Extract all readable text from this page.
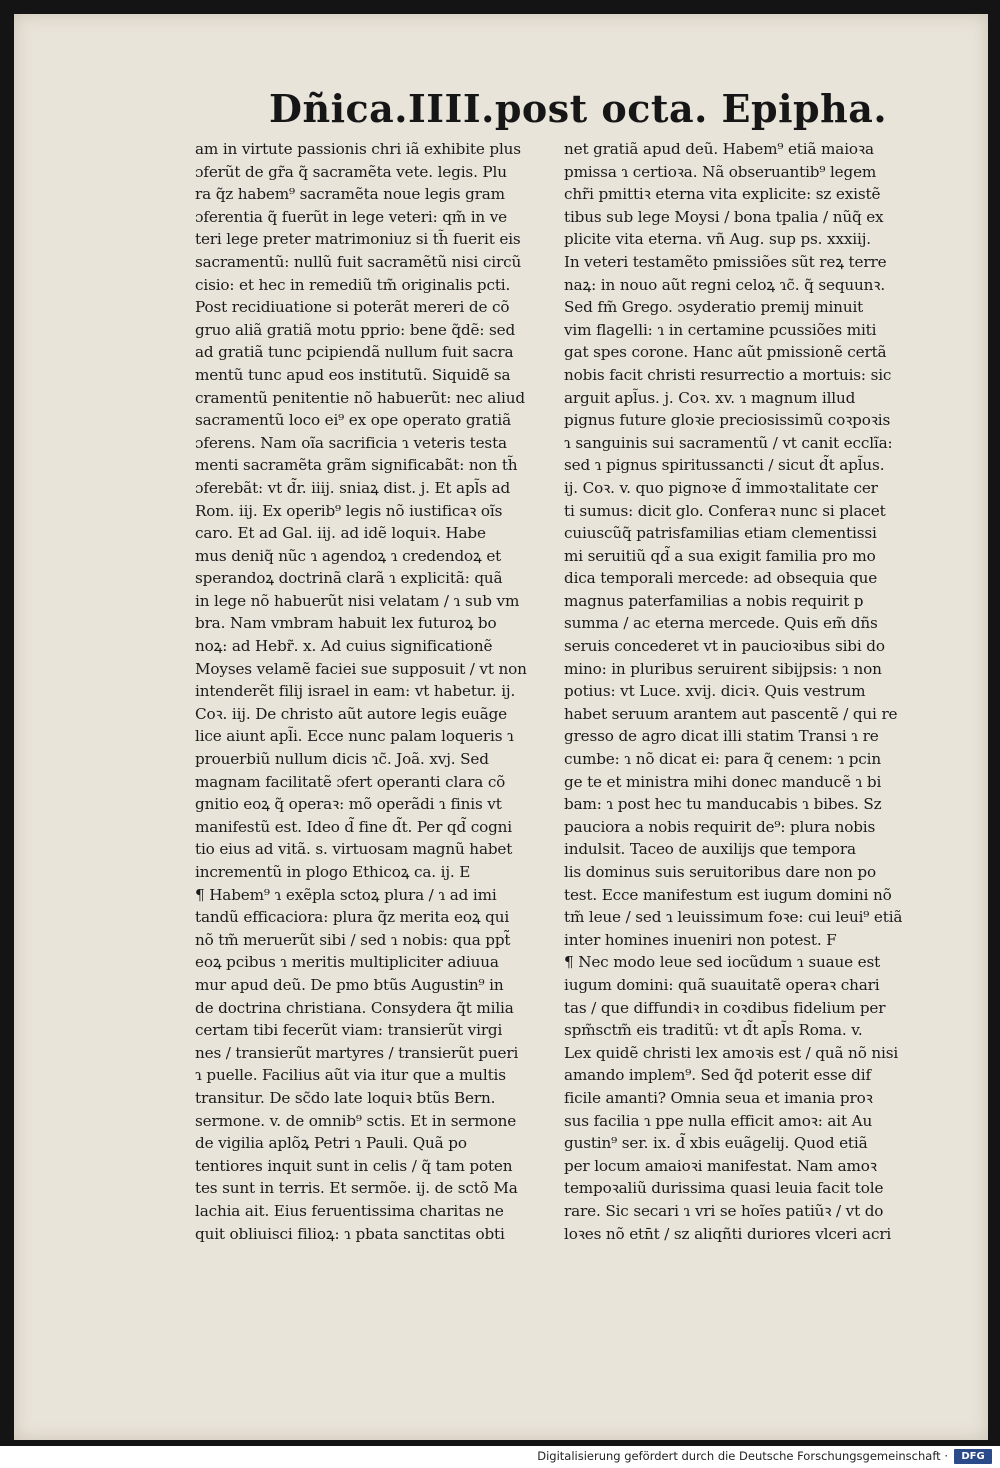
Dñica.IIII.post octa. Epipha.
am in virtute passionis chri iã exhibite plus
ɔferũt de gr̃a q̃ sacramẽta vete. legis. Plu
ra q̃z habem⁹ sacramẽta noue legis gram
ɔferentia q̃ fuerũt in lege veteri: qm̃ in ve
teri lege preter matrimoniuz si th̃ fuerit eis
sacramentũ: nullũ fuit sacramẽtũ nisi circũ
cisio: et hec in remediũ tm̃ originalis pcti.
Post recidiuatione si poterãt mereri de cõ
gruo aliã gratiã motu pprio: bene q̃dẽ: sed
ad gratiã tunc pcipiendã nullum fuit sacra
mentũ tunc apud eos institutũ. Siquidẽ sa
cramentũ penitentie nõ habuerũt: nec aliud
sacramentũ loco ei⁹ ex ope operato gratiã
ɔferens. Nam oĩa sacrificia ɿ veteris testa
menti sacramẽta grãm significabãt: non th̃
ɔferebãt: vt d̃r. iiij. sniaꝝ dist. j. Et apl̃s ad
Rom. iij. Ex operib⁹ legis nõ iustificaꝛ oĩs
caro. Et ad Gal. iij. ad idẽ loquiꝛ. Habe
mus deniq̃ nũc ɿ agendoꝝ ɿ credendoꝝ et
sperandoꝝ doctrinã clarã ɿ explicitã: quã
in lege nõ habuerũt nisi velatam / ɿ sub vm
bra. Nam vmbram habuit lex futuroꝝ bo
noꝝ: ad Hebr̃. x. Ad cuius significationẽ
Moyses velamẽ faciei sue supposuit / vt non
intenderẽt filij israel in eam: vt habetur. ij.
Coꝛ. iij. De christo aũt autore legis euãge
lice aiunt apl̃i. Ecce nunc palam loqueris ɿ
prouerbiũ nullum dicis ɿc̃. Joã. xvj. Sed
magnam facilitatẽ ɔfert operanti clara cõ
gnitio eoꝝ q̃ operaꝛ: mõ operãdi ɿ finis vt
manifestũ est. Ideo d̃ fine d̃t. Per qd̃ cogni
tio eius ad vitã. s. virtuosam magnũ habet
incrementũ in plogo Ethicoꝝ ca. ij. E
¶ Habem⁹ ɿ exẽpla sctoꝝ plura / ɿ ad imi
tandũ efficaciora: plura q̃z merita eoꝝ qui
nõ tm̃ meruerũt sibi / sed ɿ nobis: qua ppt̃
eoꝝ pcibus ɿ meritis multipliciter adiuua
mur apud deũ. De pmo btũs Augustin⁹ in
de doctrina christiana. Consydera q̃t milia
certam tibi fecerũt viam: transierũt virgi
nes / transierũt martyres / transierũt pueri
ɿ puelle. Facilius aũt via itur que a multis
transitur. De sc̃do late loquiꝛ btũs Bern.
sermone. v. de omnib⁹ sctis. Et in sermone
de vigilia aplõꝝ Petri ɿ Pauli. Quã po
tentiores inquit sunt in celis / q̃ tam poten
tes sunt in terris. Et sermõe. ij. de sctõ Ma
lachia ait. Eius feruentissima charitas ne
quit obliuisci filioꝝ: ɿ pbata sanctitas obti
net gratiã apud deũ. Habem⁹ etiã maioꝛa
pmissa ɿ certioꝛa. Nã obseruantib⁹ legem
chr̃i pmittiꝛ eterna vita explicite: sz existẽ
tibus sub lege Moysi / bona tpalia / nũq̃ ex
plicite vita eterna. vñ Aug. sup ps. xxxiij.
In veteri testamẽto pmissiões sũt reꝝ terre
naꝝ: in nouo aũt regni celoꝝ ɿc̃. q̃ sequunꝛ.
Sed fm̃ Grego. ɔsyderatio premij minuit
vim flagelli: ɿ in certamine pcussiões miti
gat spes corone. Hanc aũt pmissionẽ certã
nobis facit christi resurrectio a mortuis: sic
arguit apl̃us. j. Coꝛ. xv. ɿ magnum illud
pignus future gloꝛie preciosissimũ coꝛpoꝛis
ɿ sanguinis sui sacramentũ / vt canit ecclĩa:
sed ɿ pignus spiritussancti / sicut d̃t apl̃us.
ij. Coꝛ. v. quo pignoꝛe d̃ immoꝛtalitate cer
ti sumus: dicit glo. Conferaꝛ nunc si placet
cuiuscũq̃ patrisfamilias etiam clementissi
mi seruitiũ qd̃ a sua exigit familia pro mo
dica temporali mercede: ad obsequia que
magnus paterfamilias a nobis requirit p
summa / ac eterna mercede. Quis em̃ dñs
seruis concederet vt in paucioꝛibus sibi do
mino: in pluribus seruirent sibijpsis: ɿ non
potius: vt Luce. xvij. diciꝛ. Quis vestrum
habet seruum arantem aut pascentẽ / qui re
gresso de agro dicat illi statim Transi ɿ re
cumbe: ɿ nõ dicat ei: para q̃ cenem: ɿ pcin
ge te et ministra mihi donec manducẽ ɿ bi
bam: ɿ post hec tu manducabis ɿ bibes. Sz
pauciora a nobis requirit de⁹: plura nobis
indulsit. Taceo de auxilijs que tempora
lis dominus suis seruitoribus dare non po
test. Ecce manifestum est iugum domini nõ
tm̃ leue / sed ɿ leuissimum foꝛe: cui leui⁹ etiã
inter homines inueniri non potest. F
¶ Nec modo leue sed iocũdum ɿ suaue est
iugum domini: quã suauitatẽ operaꝛ chari
tas / que diffundiꝛ in coꝛdibus fidelium per
spm̃sctm̃ eis traditũ: vt d̃t apl̃s Roma. v.
Lex quidẽ christi lex amoꝛis est / quã nõ nisi
amando implem⁹. Sed q̃d poterit esse dif
ficile amanti? Omnia seua et imania proꝛ
sus facilia ɿ ppe nulla efficit amoꝛ: ait Au
gustin⁹ ser. ix. d̃ xbis euãgelij. Quod etiã
per locum amaioꝛi manifestat. Nam amoꝛ
tempoꝛaliũ durissima quasi leuia facit tole
rare. Sic secari ɿ vri se hoĩes patiũꝛ / vt do
loꝛes nõ etn̄t / sz aliqñti duriores vlceri acri
Digitalisierung gefördert durch die Deutsche Forschungsgemeinschaft ·	DFG
